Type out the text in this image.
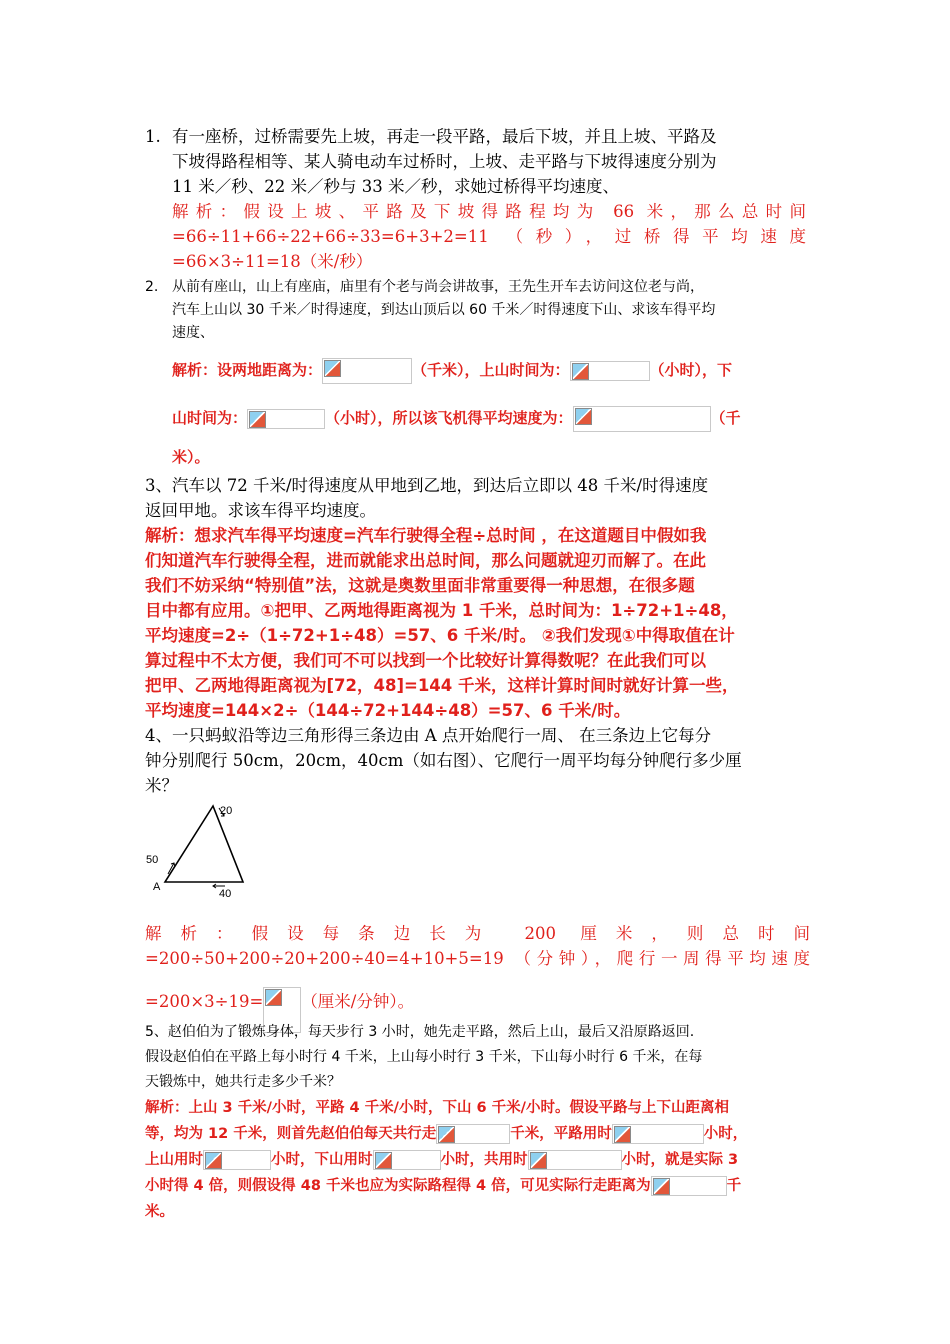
1. 有一座桥，过桥需要先上坡，再走一段平路，最后下坡，并且上坡、平路及
下坡得路程相等、某人骑电动车过桥时，上坡、走平路与下坡得速度分别为
11 米／秒、22 米／秒与 33 米／秒，求她过桥得平均速度、
解析：假设上坡、平路及下坡得路程均为 66 米，那么总时间
=66÷11+66÷22+66÷33=6+3+2=11 （秒），过桥得平均速度
=66×3÷11=18（米/秒）
2. 从前有座山，山上有座庙，庙里有个老与尚会讲故事，王先生开车去访问这位老与尚，
汽车上山以 30 千米／时得速度，到达山顶后以 60 千米／时得速度下山、求该车得平均
速度、
解析：设两地距离为：	（千米），上山时间为：	（小时），下
山时间为：	（小时），所以该飞机得平均速度为：	（千
米）。
3、汽车以 72 千米/时得速度从甲地到乙地，到达后立即以 48 千米/时得速度
返回甲地。求该车得平均速度。
解析：想求汽车得平均速度=汽车行驶得全程÷总时间 ，在这道题目中假如我
们知道汽车行驶得全程，进而就能求出总时间，那么问题就迎刃而解了。在此
我们不妨采纳“特别值”法，这就是奥数里面非常重要得一种思想，在很多题
目中都有应用。①把甲、乙两地得距离视为 1 千米，总时间为：1÷72+1÷48，
平均速度=2÷（1÷72+1÷48）=57、6 千米/时。 ②我们发现①中得取值在计
算过程中不太方便，我们可不可以找到一个比较好计算得数呢？在此我们可以
把甲、乙两地得距离视为[72，48]=144 千米，这样计算时间时就好计算一些，
平均速度=144×2÷（144÷72+144÷48）=57、6 千米/时。
4、一只蚂蚁沿等边三角形得三条边由 A 点开始爬行一周、 在三条边上它每分
钟分别爬行 50cm，20cm，40cm（如右图）、它爬行一周平均每分钟爬行多少厘
米？
20
50
40
A
解析：假设每条边长为 200 厘米，则总时间
=200÷50+200÷20+200÷40=4+10+5=19 （分钟），爬行一周得平均速度
=200×3÷19= （厘米/分钟）。
5、赵伯伯为了锻炼身体，每天步行 3 小时，她先走平路，然后上山，最后又沿原路返回.
假设赵伯伯在平路上每小时行 4 千米，上山每小时行 3 千米，下山每小时行 6 千米，在每
天锻炼中，她共行走多少千米？
解析：上山 3 千米/小时，平路 4 千米/小时，下山 6 千米/小时。假设平路与上下山距离相
等，均为 12 千米，则首先赵伯伯每天共行走	千米，平路用时	小时，
上山用时	小时，下山用时	小时，共用时	小时，就是实际 3
小时得 4 倍，则假设得 48 千米也应为实际路程得 4 倍，可见实际行走距离为	千
米。
